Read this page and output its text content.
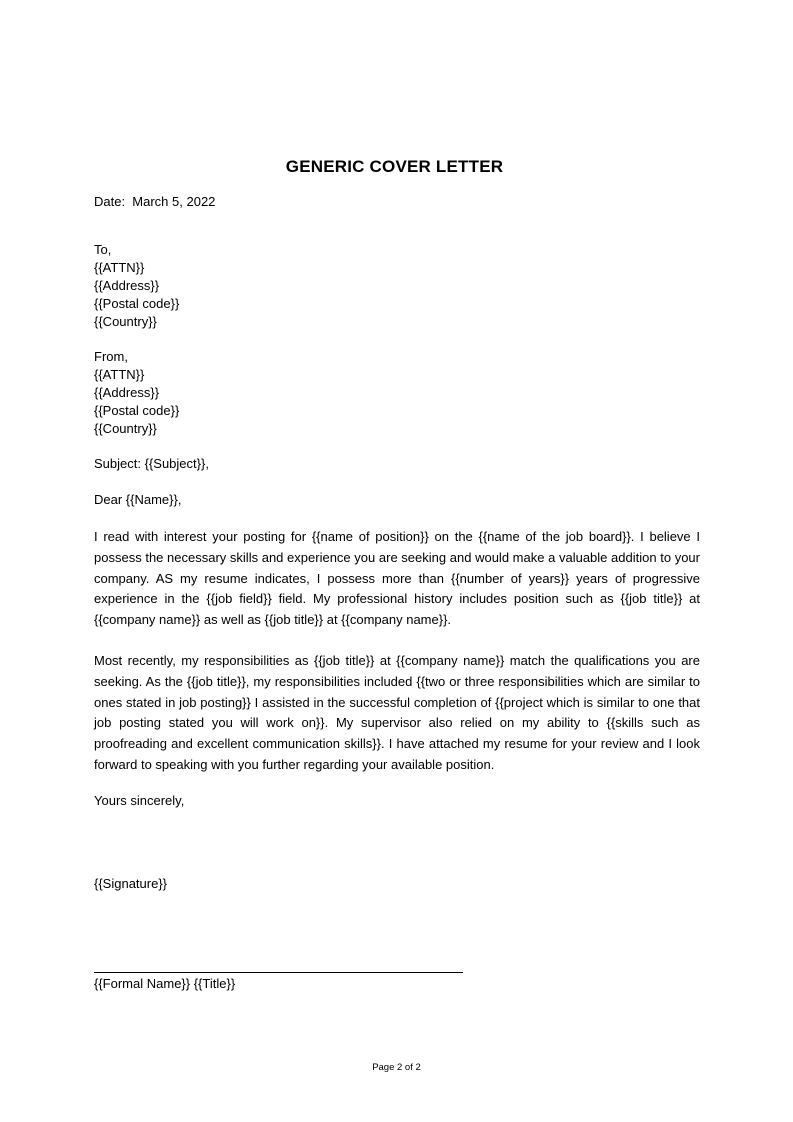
GENERIC COVER LETTER
Date:  March 5, 2022
To,
{{ATTN}}
{{Address}}
{{Postal code}}
{{Country}}
From,
{{ATTN}}
{{Address}}
{{Postal code}}
{{Country}}
Subject: {{Subject}},
Dear {{Name}},

I read with interest your posting for {{name of position}} on the {{name of the job board}}. I believe I possess the necessary skills and experience you are seeking and would make a valuable addition to your company. AS my resume indicates, I possess more than {{number of years}} years of progressive experience in the {{job field}} field. My professional history includes position such as {{job title}} at {{company name}} as well as {{job title}} at {{company name}}.

Most recently, my responsibilities as {{job title}} at {{company name}} match the qualifications you are seeking. As the {{job title}}, my responsibilities included {{two or three responsibilities which are similar to ones stated in job posting}} I assisted in the successful completion of {{project which is similar to one that job posting stated you will work on}}. My supervisor also relied on my ability to {{skills such as proofreading and excellent communication skills}}. I have attached my resume for your review and I look forward to speaking with you further regarding your available position.

Yours sincerely,
{{Signature}}
{{Formal Name}} {{Title}}
Page 2 of 2
